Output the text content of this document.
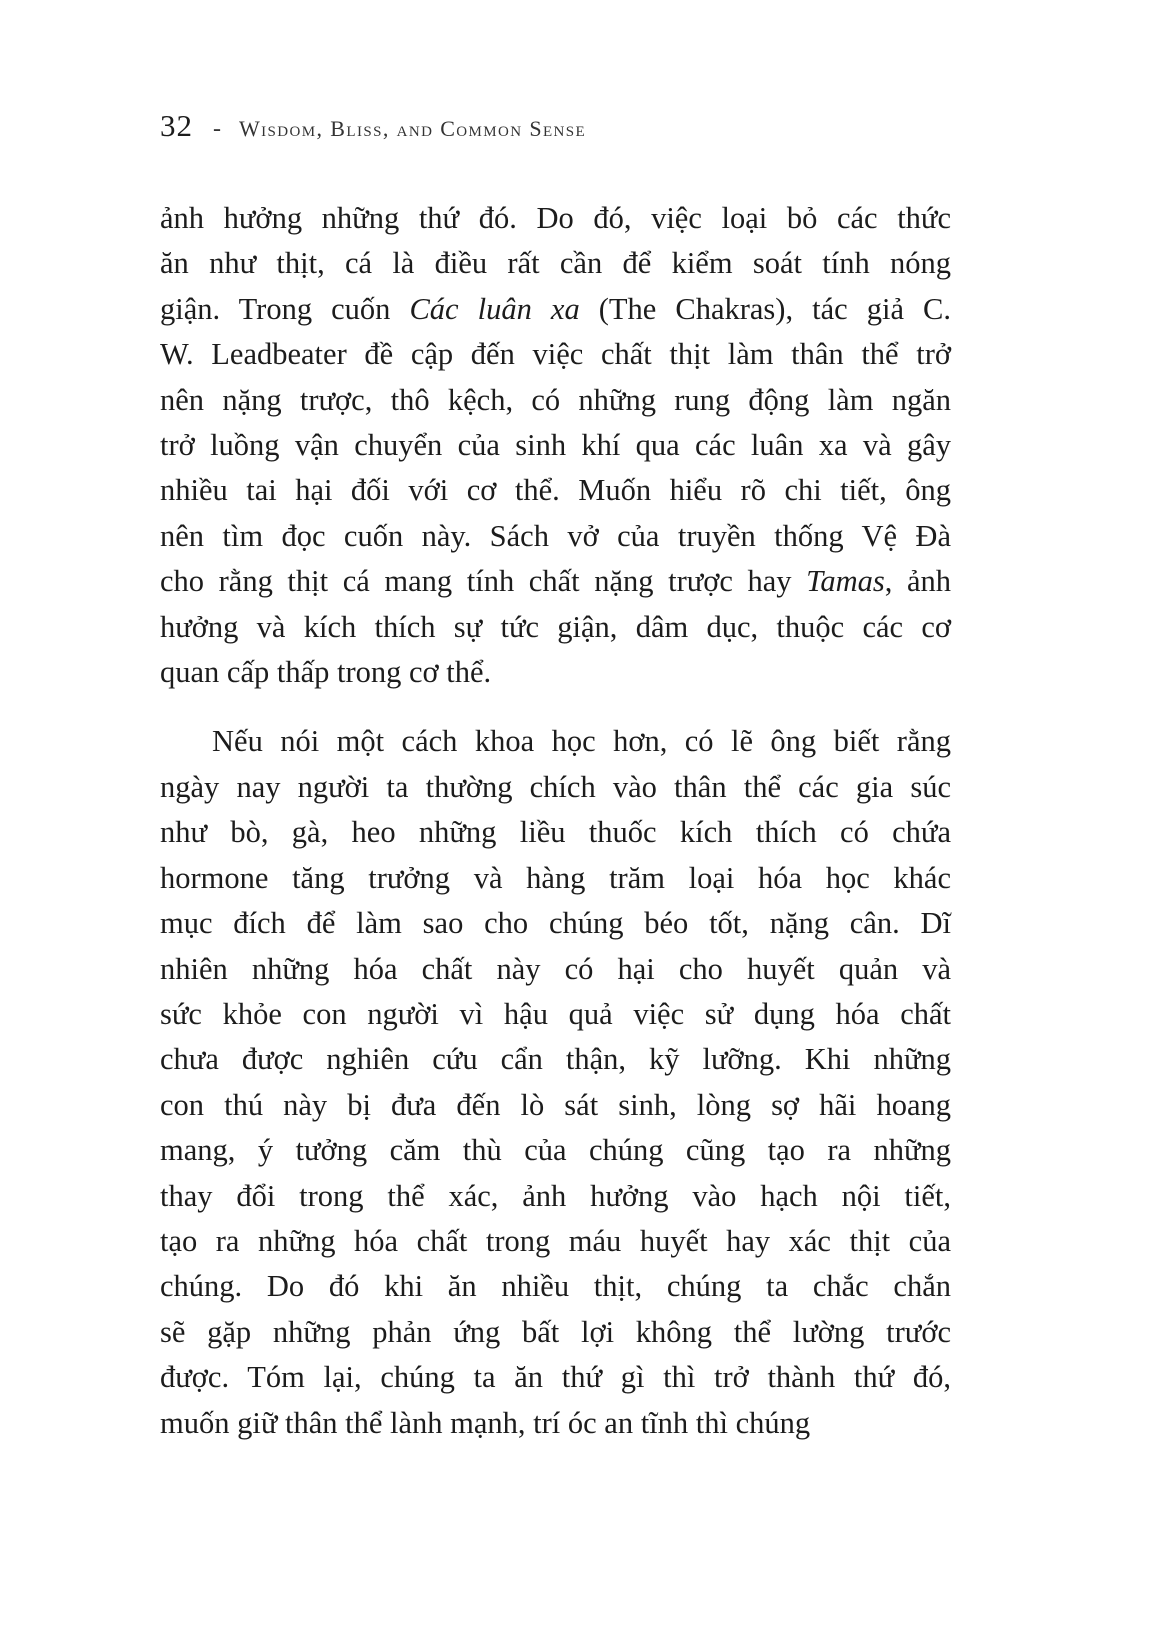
32 - Wisdom, Bliss, and Common Sense

ảnh hưởng những thứ đó. Do đó, việc loại bỏ các thức
ăn như thịt, cá là điều rất cần để kiểm soát tính nóng
giận. Trong cuốn Các luân xa (The Chakras), tác giả C.
W. Leadbeater đề cập đến việc chất thịt làm thân thể trở
nên nặng trược, thô kệch, có những rung động làm ngăn
trở luồng vận chuyển của sinh khí qua các luân xa và gây
nhiều tai hại đối với cơ thể. Muốn hiểu rõ chi tiết, ông
nên tìm đọc cuốn này. Sách vở của truyền thống Vệ Đà
cho rằng thịt cá mang tính chất nặng trược hay Tamas, ảnh
hưởng và kích thích sự tức giận, dâm dục, thuộc các cơ
quan cấp thấp trong cơ thể.

Nếu nói một cách khoa học hơn, có lẽ ông biết rằng
ngày nay người ta thường chích vào thân thể các gia súc
như bò, gà, heo những liều thuốc kích thích có chứa
hormone tăng trưởng và hàng trăm loại hóa học khác
mục đích để làm sao cho chúng béo tốt, nặng cân. Dĩ
nhiên những hóa chất này có hại cho huyết quản và
sức khỏe con người vì hậu quả việc sử dụng hóa chất
chưa được nghiên cứu cẩn thận, kỹ lưỡng. Khi những
con thú này bị đưa đến lò sát sinh, lòng sợ hãi hoang
mang, ý tưởng căm thù của chúng cũng tạo ra những
thay đổi trong thể xác, ảnh hưởng vào hạch nội tiết,
tạo ra những hóa chất trong máu huyết hay xác thịt của
chúng. Do đó khi ăn nhiều thịt, chúng ta chắc chắn
sẽ gặp những phản ứng bất lợi không thể lường trước
được. Tóm lại, chúng ta ăn thứ gì thì trở thành thứ đó,
muốn giữ thân thể lành mạnh, trí óc an tĩnh thì chúng
